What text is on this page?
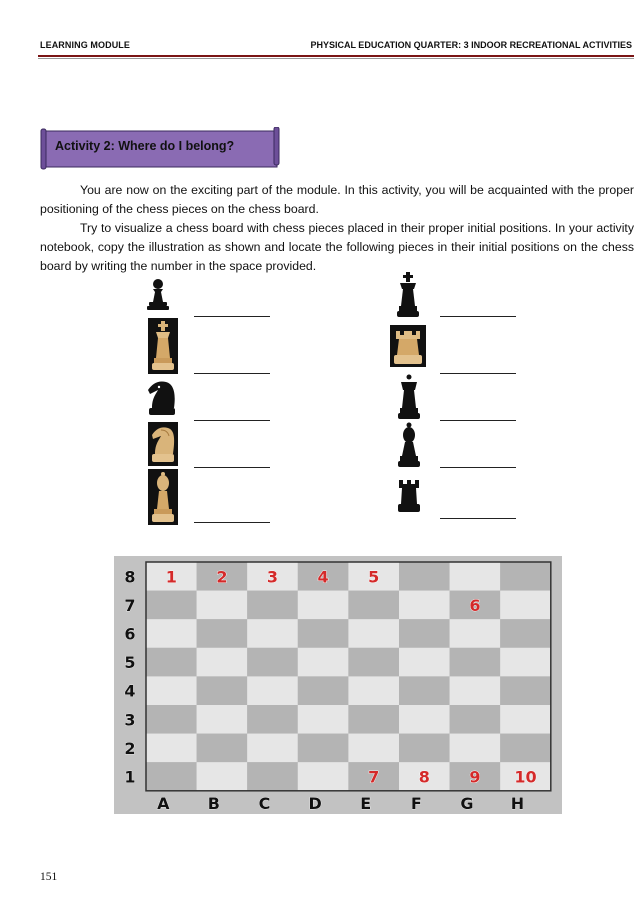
LEARNING MODULE	PHYSICAL EDUCATION QUARTER: 3 INDOOR RECREATIONAL ACTIVITIES
Activity 2: Where do I belong?
You are now on the exciting part of the module. In this activity, you will be acquainted with the proper positioning of the chess pieces on the chess board.
Try to visualize a chess board with chess pieces placed in their proper initial positions. In your activity notebook, copy the illustration as shown and locate the following pieces in their initial positions on the chess board by writing the number in the space provided.
8
7
6
5
4
3
2
1
A B C D E F G H
1 2 3 4 5
6
7 8 9 10
151
